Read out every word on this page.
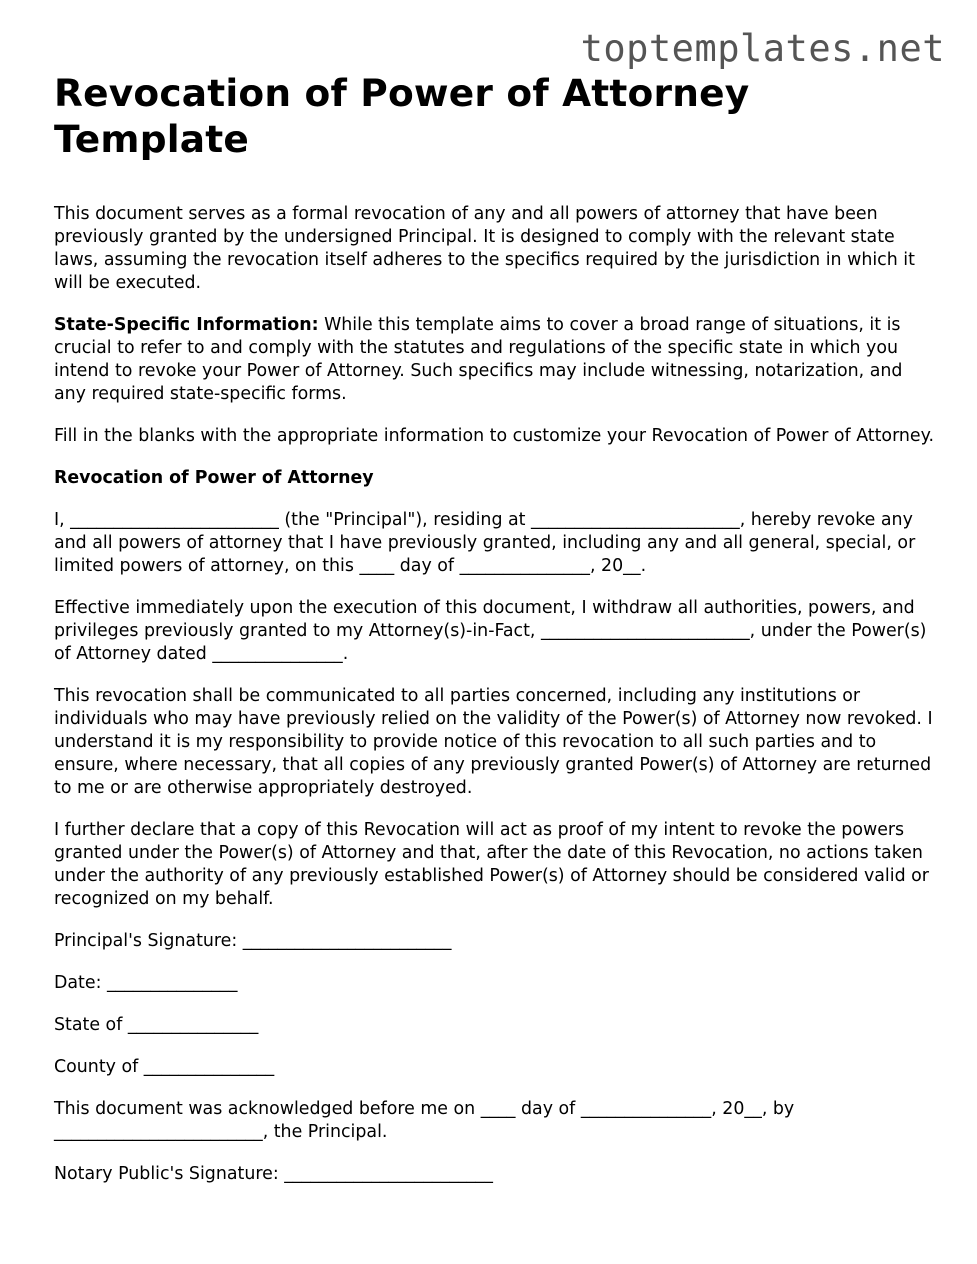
toptemplates.net
Revocation of Power of Attorney
Template

This document serves as a formal revocation of any and all powers of attorney that have been previously granted by the undersigned Principal. It is designed to comply with the relevant state laws, assuming the revocation itself adheres to the specifics required by the jurisdiction in which it will be executed.

State-Specific Information: While this template aims to cover a broad range of situations, it is crucial to refer to and comply with the statutes and regulations of the specific state in which you intend to revoke your Power of Attorney. Such specifics may include witnessing, notarization, and any required state-specific forms.

Fill in the blanks with the appropriate information to customize your Revocation of Power of Attorney.

Revocation of Power of Attorney

I, ________________________ (the "Principal"), residing at ________________________, hereby revoke any and all powers of attorney that I have previously granted, including any and all general, special, or limited powers of attorney, on this ____ day of _______________, 20__.

Effective immediately upon the execution of this document, I withdraw all authorities, powers, and privileges previously granted to my Attorney(s)-in-Fact, ________________________, under the Power(s) of Attorney dated _______________.

This revocation shall be communicated to all parties concerned, including any institutions or individuals who may have previously relied on the validity of the Power(s) of Attorney now revoked. I understand it is my responsibility to provide notice of this revocation to all such parties and to ensure, where necessary, that all copies of any previously granted Power(s) of Attorney are returned to me or are otherwise appropriately destroyed.

I further declare that a copy of this Revocation will act as proof of my intent to revoke the powers granted under the Power(s) of Attorney and that, after the date of this Revocation, no actions taken under the authority of any previously established Power(s) of Attorney should be considered valid or recognized on my behalf.

Principal's Signature: ________________________

Date: _______________

State of _______________

County of _______________

This document was acknowledged before me on ____ day of _______________, 20__, by ________________________, the Principal.

Notary Public's Signature: ________________________
